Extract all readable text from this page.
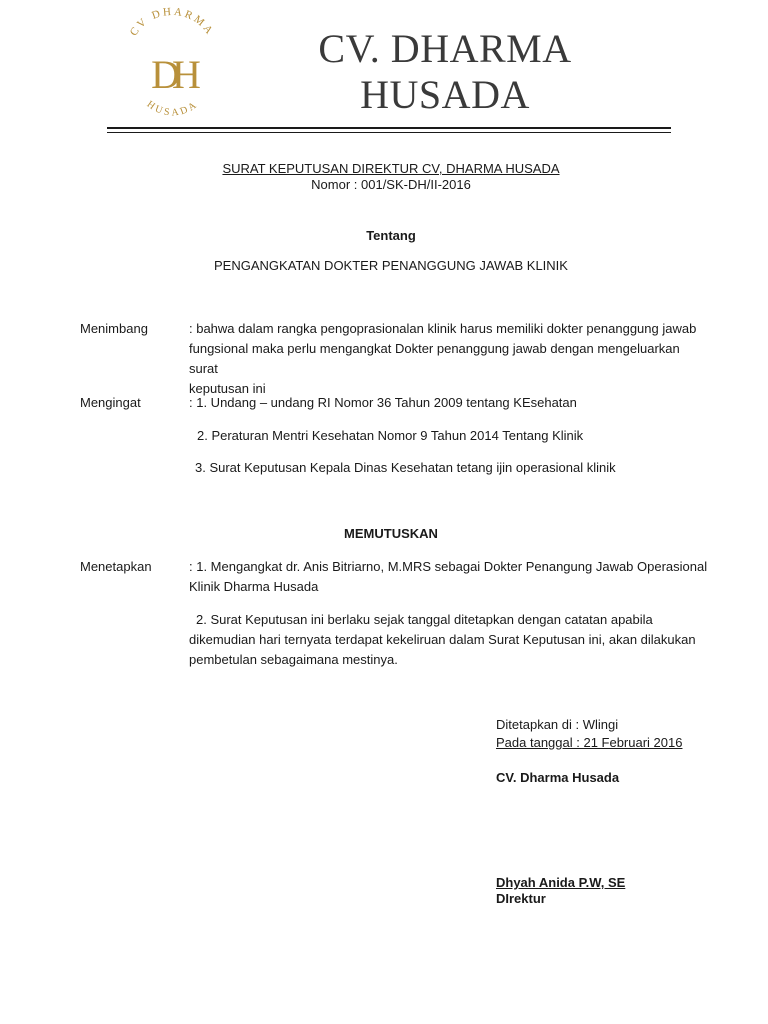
CV DHARMA
DH
HUSADA
CV. DHARMA
HUSADA
SURAT KEPUTUSAN DIREKTUR CV, DHARMA HUSADA
Nomor : 001/SK-DH/II-2016
Tentang
PENGANGKATAN DOKTER PENANGGUNG JAWAB KLINIK
Menimbang	: bahwa dalam rangka pengoprasionalan klinik harus memiliki dokter penanggung jawab
fungsional maka perlu mengangkat Dokter penanggung jawab dengan mengeluarkan surat
keputusan ini
Mengingat	: 1. Undang – undang RI Nomor 36 Tahun 2009 tentang KEsehatan
2. Peraturan Mentri Kesehatan Nomor 9 Tahun 2014 Tentang Klinik
3. Surat Keputusan Kepala Dinas Kesehatan tetang ijin operasional klinik
MEMUTUSKAN
Menetapkan	: 1. Mengangkat dr. Anis Bitriarno, M.MRS sebagai Dokter Penangung Jawab Operasional
Klinik Dharma Husada
2. Surat Keputusan ini berlaku sejak tanggal ditetapkan dengan catatan apabila
dikemudian hari ternyata terdapat kekeliruan dalam Surat Keputusan ini, akan dilakukan
pembetulan sebagaimana mestinya.
Ditetapkan di : Wlingi
Pada tanggal : 21 Februari 2016
CV. Dharma Husada
Dhyah Anida P.W, SE
DIrektur
